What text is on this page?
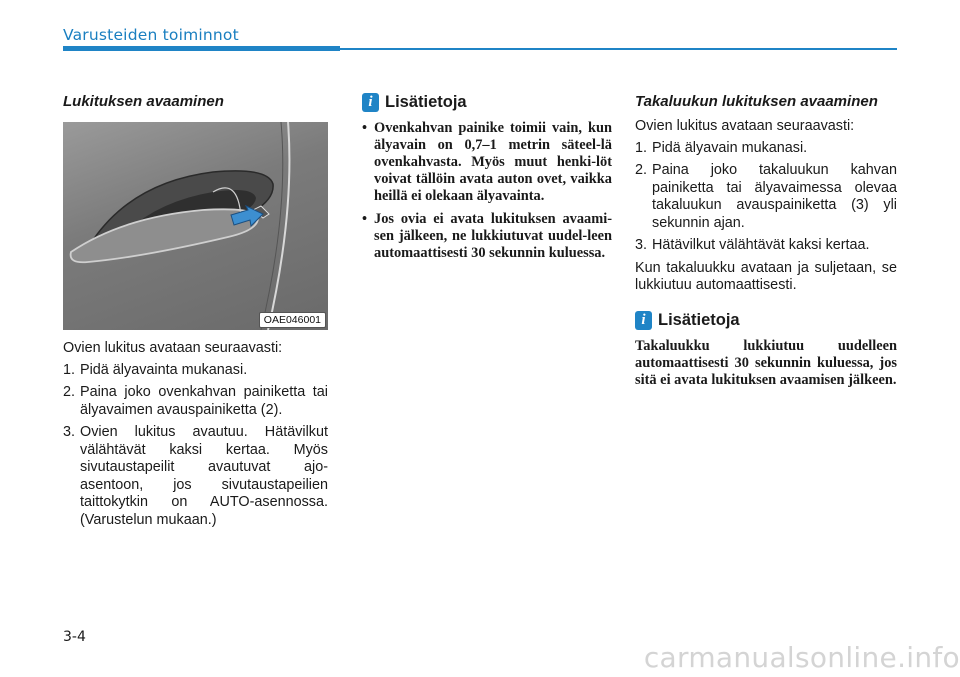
Varusteiden toiminnot
Lukituksen avaaminen
OAE046001
Ovien lukitus avataan seuraavasti:
1. Pidä älyavainta mukanasi.
2. Paina joko ovenkahvan painiketta tai älyavaimen avauspainiketta (2).
3. Ovien lukitus avautuu. Hätävilkut välähtävät kaksi kertaa. Myös sivutaustapeilit avautuvat ajo-asentoon, jos sivutaustapeilien taittokytkin on AUTO-asennossa. (Varustelun mukaan.)
i Lisätietoja
• Ovenkahvan painike toimii vain, kun älyavain on 0,7–1 metrin säteel-lä ovenkahvasta. Myös muut henki-löt voivat tällöin avata auton ovet, vaikka heillä ei olekaan älyavainta.
• Jos ovia ei avata lukituksen avaami-sen jälkeen, ne lukkiutuvat uudel-leen automaattisesti 30 sekunnin kuluessa.
Takaluukun lukituksen avaaminen
Ovien lukitus avataan seuraavasti:
1. Pidä älyavain mukanasi.
2. Paina joko takaluukun kahvan painiketta tai älyavaimessa olevaa takaluukun avauspainiketta (3) yli sekunnin ajan.
3. Hätävilkut välähtävät kaksi kertaa.
Kun takaluukku avataan ja suljetaan, se lukkiutuu automaattisesti.
i Lisätietoja
Takaluukku lukkiutuu uudelleen automaattisesti 30 sekunnin kuluessa, jos sitä ei avata lukituksen avaamisen jälkeen.
3-4
carmanualsonline.info
